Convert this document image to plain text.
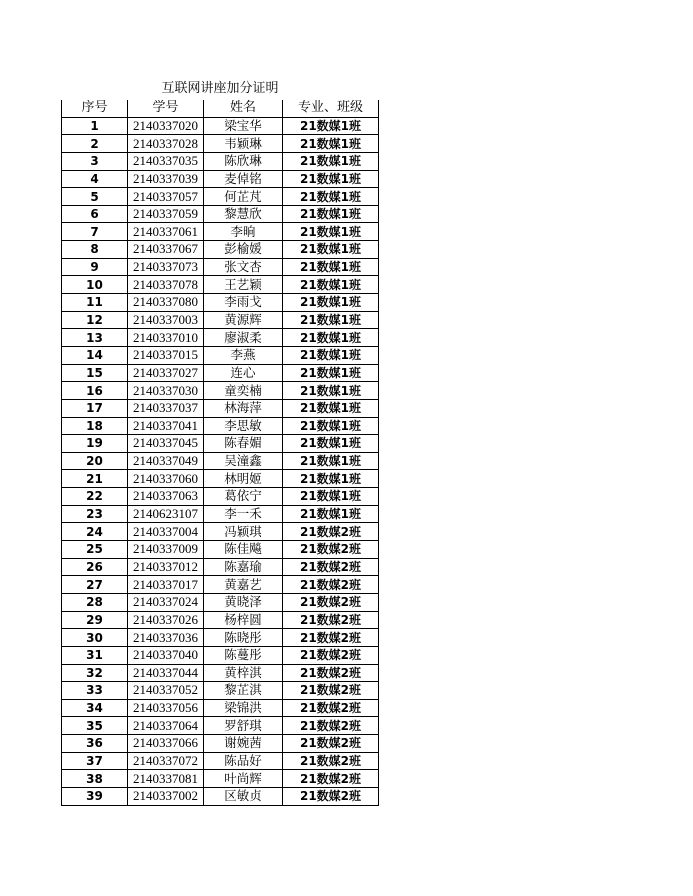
互联网讲座加分证明
序号	学号	姓名	专业、班级
1	2140337020	梁宝华	21数媒1班
2	2140337028	韦颖琳	21数媒1班
3	2140337035	陈欣琳	21数媒1班
4	2140337039	麦倬铭	21数媒1班
5	2140337057	何芷芃	21数媒1班
6	2140337059	黎慧欣	21数媒1班
7	2140337061	李晌	21数媒1班
8	2140337067	彭榆媛	21数媒1班
9	2140337073	张文杏	21数媒1班
10	2140337078	王艺颖	21数媒1班
11	2140337080	李雨戈	21数媒1班
12	2140337003	黄源辉	21数媒1班
13	2140337010	廖淑柔	21数媒1班
14	2140337015	李燕	21数媒1班
15	2140337027	连心	21数媒1班
16	2140337030	童奕楠	21数媒1班
17	2140337037	林海萍	21数媒1班
18	2140337041	李思敏	21数媒1班
19	2140337045	陈春媚	21数媒1班
20	2140337049	吴潼鑫	21数媒1班
21	2140337060	林明姬	21数媒1班
22	2140337063	葛依宁	21数媒1班
23	2140623107	李一禾	21数媒1班
24	2140337004	冯颖琪	21数媒2班
25	2140337009	陈佳飚	21数媒2班
26	2140337012	陈嘉瑜	21数媒2班
27	2140337017	黄嘉艺	21数媒2班
28	2140337024	黄晓泽	21数媒2班
29	2140337026	杨梓圆	21数媒2班
30	2140337036	陈晓彤	21数媒2班
31	2140337040	陈蔓彤	21数媒2班
32	2140337044	黄梓淇	21数媒2班
33	2140337052	黎芷淇	21数媒2班
34	2140337056	梁锦洪	21数媒2班
35	2140337064	罗舒琪	21数媒2班
36	2140337066	谢婉茜	21数媒2班
37	2140337072	陈品好	21数媒2班
38	2140337081	叶尚辉	21数媒2班
39	2140337002	区敏贞	21数媒2班
